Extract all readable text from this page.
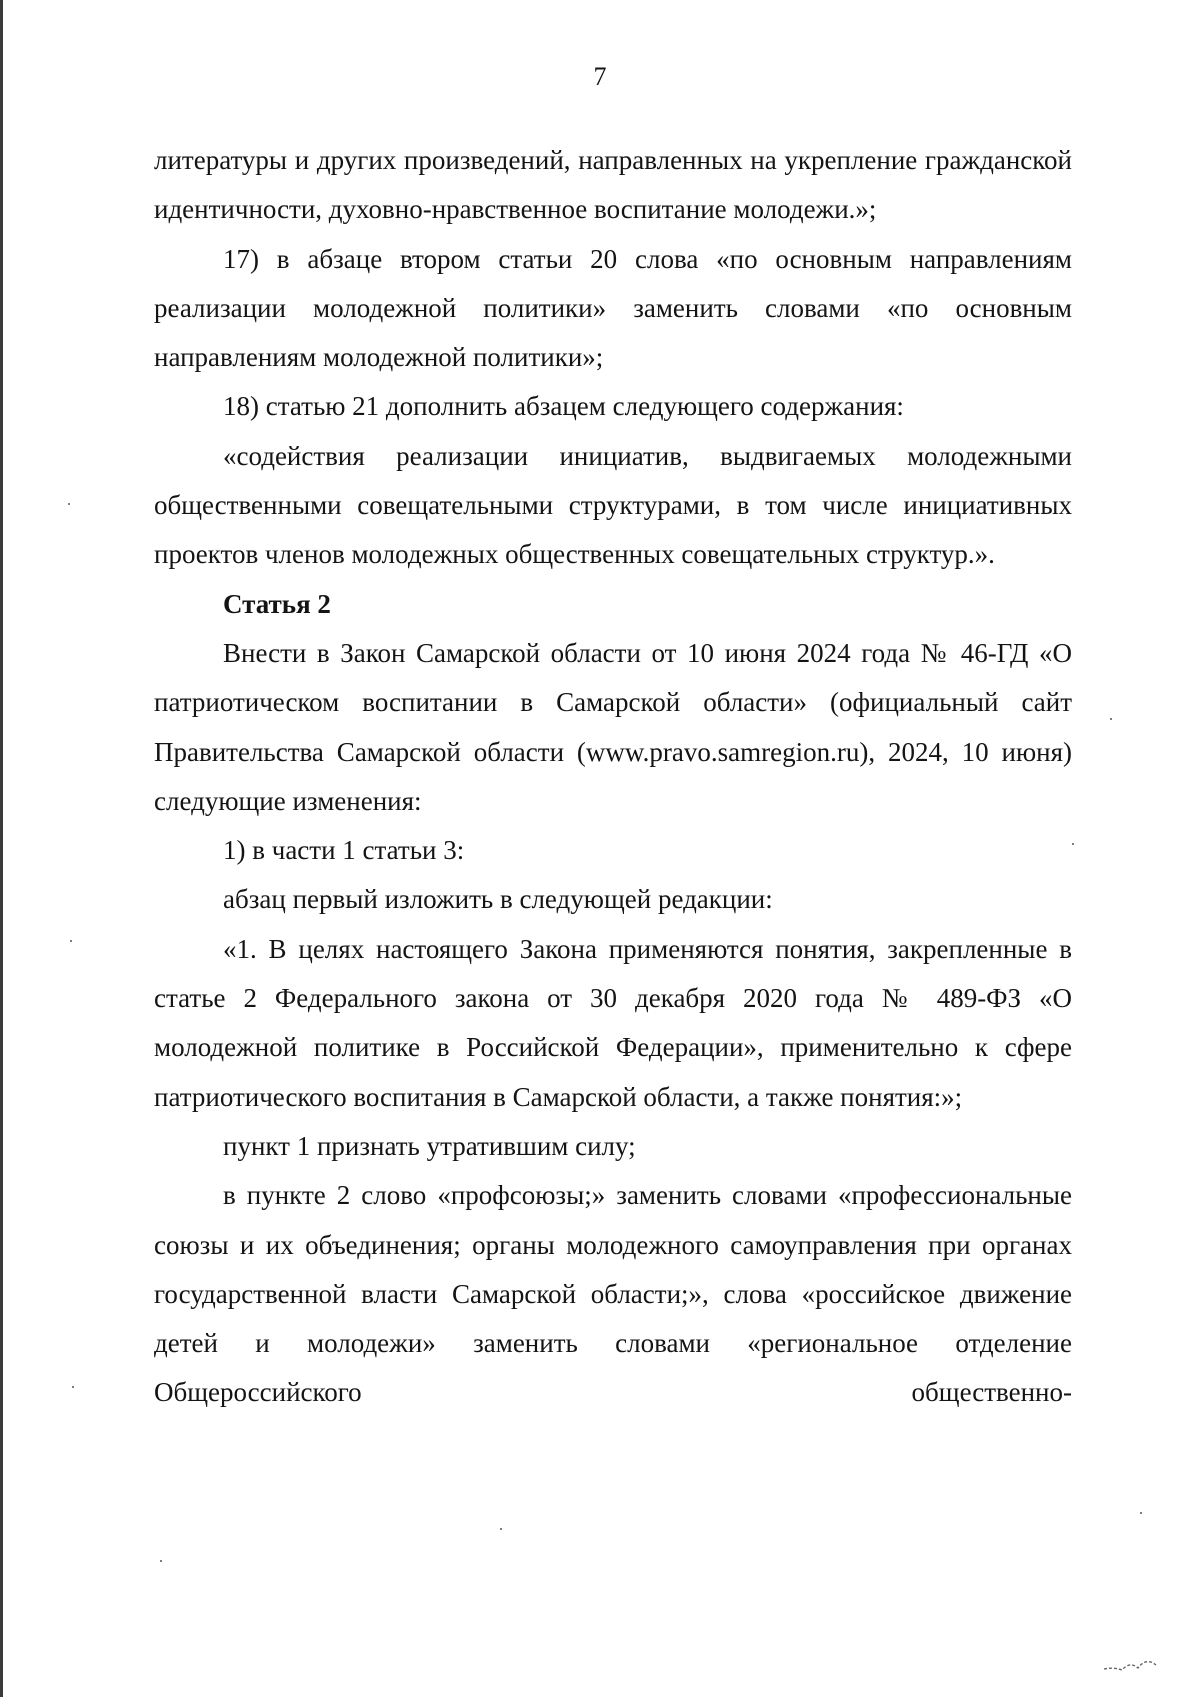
7

литературы и других произведений, направленных на укрепление гражданской идентичности, духовно-нравственное воспитание молодежи.»;

17) в абзаце втором статьи 20 слова «по основным направлениям реализации молодежной политики» заменить словами «по основным направлениям молодежной политики»;

18) статью 21 дополнить абзацем следующего содержания:

«содействия реализации инициатив, выдвигаемых молодежными общественными совещательными структурами, в том числе инициативных проектов членов молодежных общественных совещательных структур.».

Статья 2

Внести в Закон Самарской области от 10 июня 2024 года № 46-ГД «О патриотическом воспитании в Самарской области» (официальный сайт Правительства Самарской области (www.pravo.samregion.ru), 2024, 10 июня) следующие изменения:

1) в части 1 статьи 3:

абзац первый изложить в следующей редакции:

«1. В целях настоящего Закона применяются понятия, закрепленные в статье 2 Федерального закона от 30 декабря 2020 года № 489-ФЗ «О молодежной политике в Российской Федерации», применительно к сфере патриотического воспитания в Самарской области, а также понятия:»;

пункт 1 признать утратившим силу;

в пункте 2 слово «профсоюзы;» заменить словами «профессиональные союзы и их объединения; органы молодежного самоуправления при органах государственной власти Самарской области;», слова «российское движение детей и молодежи» заменить словами «региональное отделение Общероссийского общественно-
